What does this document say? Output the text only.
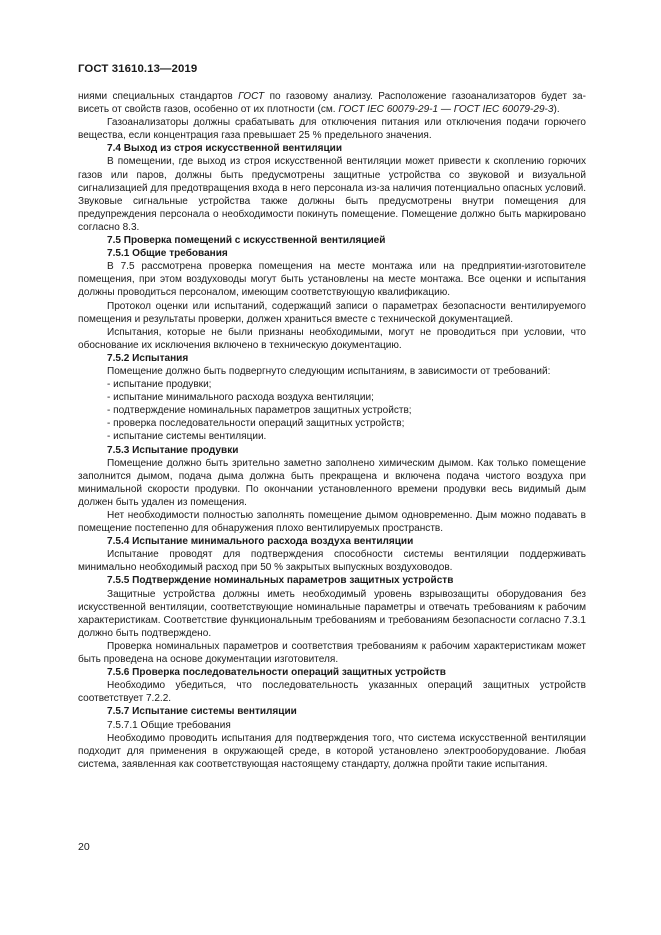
ГОСТ 31610.13—2019

ниями специальных стандартов ГОСТ по газовому анализу. Расположение газоанализаторов будет за-

висеть от свойств газов, особенно от их плотности (см. ГОСТ IEC 60079-29-1 — ГОСТ IEC 60079-29-3).

Газоанализаторы должны срабатывать для отключения питания или отключения подачи горючего вещества, если концентрация газа превышает 25 % предельного значения.

7.4 Выход из строя искусственной вентиляции

В помещении, где выход из строя искусственной вентиляции может привести к скоплению горючих газов или паров, должны быть предусмотрены защитные устройства со звуковой и визуальной сигнализацией для предотвращения входа в него персонала из-за наличия потенциально опасных условий. Звуковые сигнальные устройства также должны быть предусмотрены внутри помещения для предупреждения персонала о необходимости покинуть помещение. Помещение должно быть маркировано согласно 8.3.

7.5 Проверка помещений с искусственной вентиляцией

7.5.1 Общие требования

В 7.5 рассмотрена проверка помещения на месте монтажа или на предприятии-изготовителе помещения, при этом воздуховоды могут быть установлены на месте монтажа. Все оценки и испытания должны проводиться персоналом, имеющим соответствующую квалификацию.

Протокол оценки или испытаний, содержащий записи о параметрах безопасности вентилируемого помещения и результаты проверки, должен храниться вместе с технической документацией.

Испытания, которые не были признаны необходимыми, могут не проводиться при условии, что обоснование их исключения включено в техническую документацию.

7.5.2 Испытания

Помещение должно быть подвергнуто следующим испытаниям, в зависимости от требований:

- испытание продувки;

- испытание минимального расхода воздуха вентиляции;

- подтверждение номинальных параметров защитных устройств;

- проверка последовательности операций защитных устройств;

- испытание системы вентиляции.

7.5.3 Испытание продувки

Помещение должно быть зрительно заметно заполнено химическим дымом. Как только помещение заполнится дымом, подача дыма должна быть прекращена и включена подача чистого воздуха при минимальной скорости продувки. По окончании установленного времени продувки весь видимый дым должен быть удален из помещения.

Нет необходимости полностью заполнять помещение дымом одновременно. Дым можно подавать в помещение постепенно для обнаружения плохо вентилируемых пространств.

7.5.4 Испытание минимального расхода воздуха вентиляции

Испытание проводят для подтверждения способности системы вентиляции поддерживать минимально необходимый расход при 50 % закрытых выпускных воздуховодов.

7.5.5 Подтверждение номинальных параметров защитных устройств

Защитные устройства должны иметь необходимый уровень взрывозащиты оборудования без искусственной вентиляции, соответствующие номинальные параметры и отвечать требованиям к рабочим характеристикам. Соответствие функциональным требованиям и требованиям безопасности согласно 7.3.1 должно быть подтверждено.

Проверка номинальных параметров и соответствия требованиям к рабочим характеристикам может быть проведена на основе документации изготовителя.

7.5.6 Проверка последовательности операций защитных устройств

Необходимо убедиться, что последовательность указанных операций защитных устройств соответствует 7.2.2.

7.5.7 Испытание системы вентиляции

7.5.7.1 Общие требования

Необходимо проводить испытания для подтверждения того, что система искусственной вентиляции подходит для применения в окружающей среде, в которой установлено электрооборудование. Любая система, заявленная как соответствующая настоящему стандарту, должна пройти такие испытания.

20
